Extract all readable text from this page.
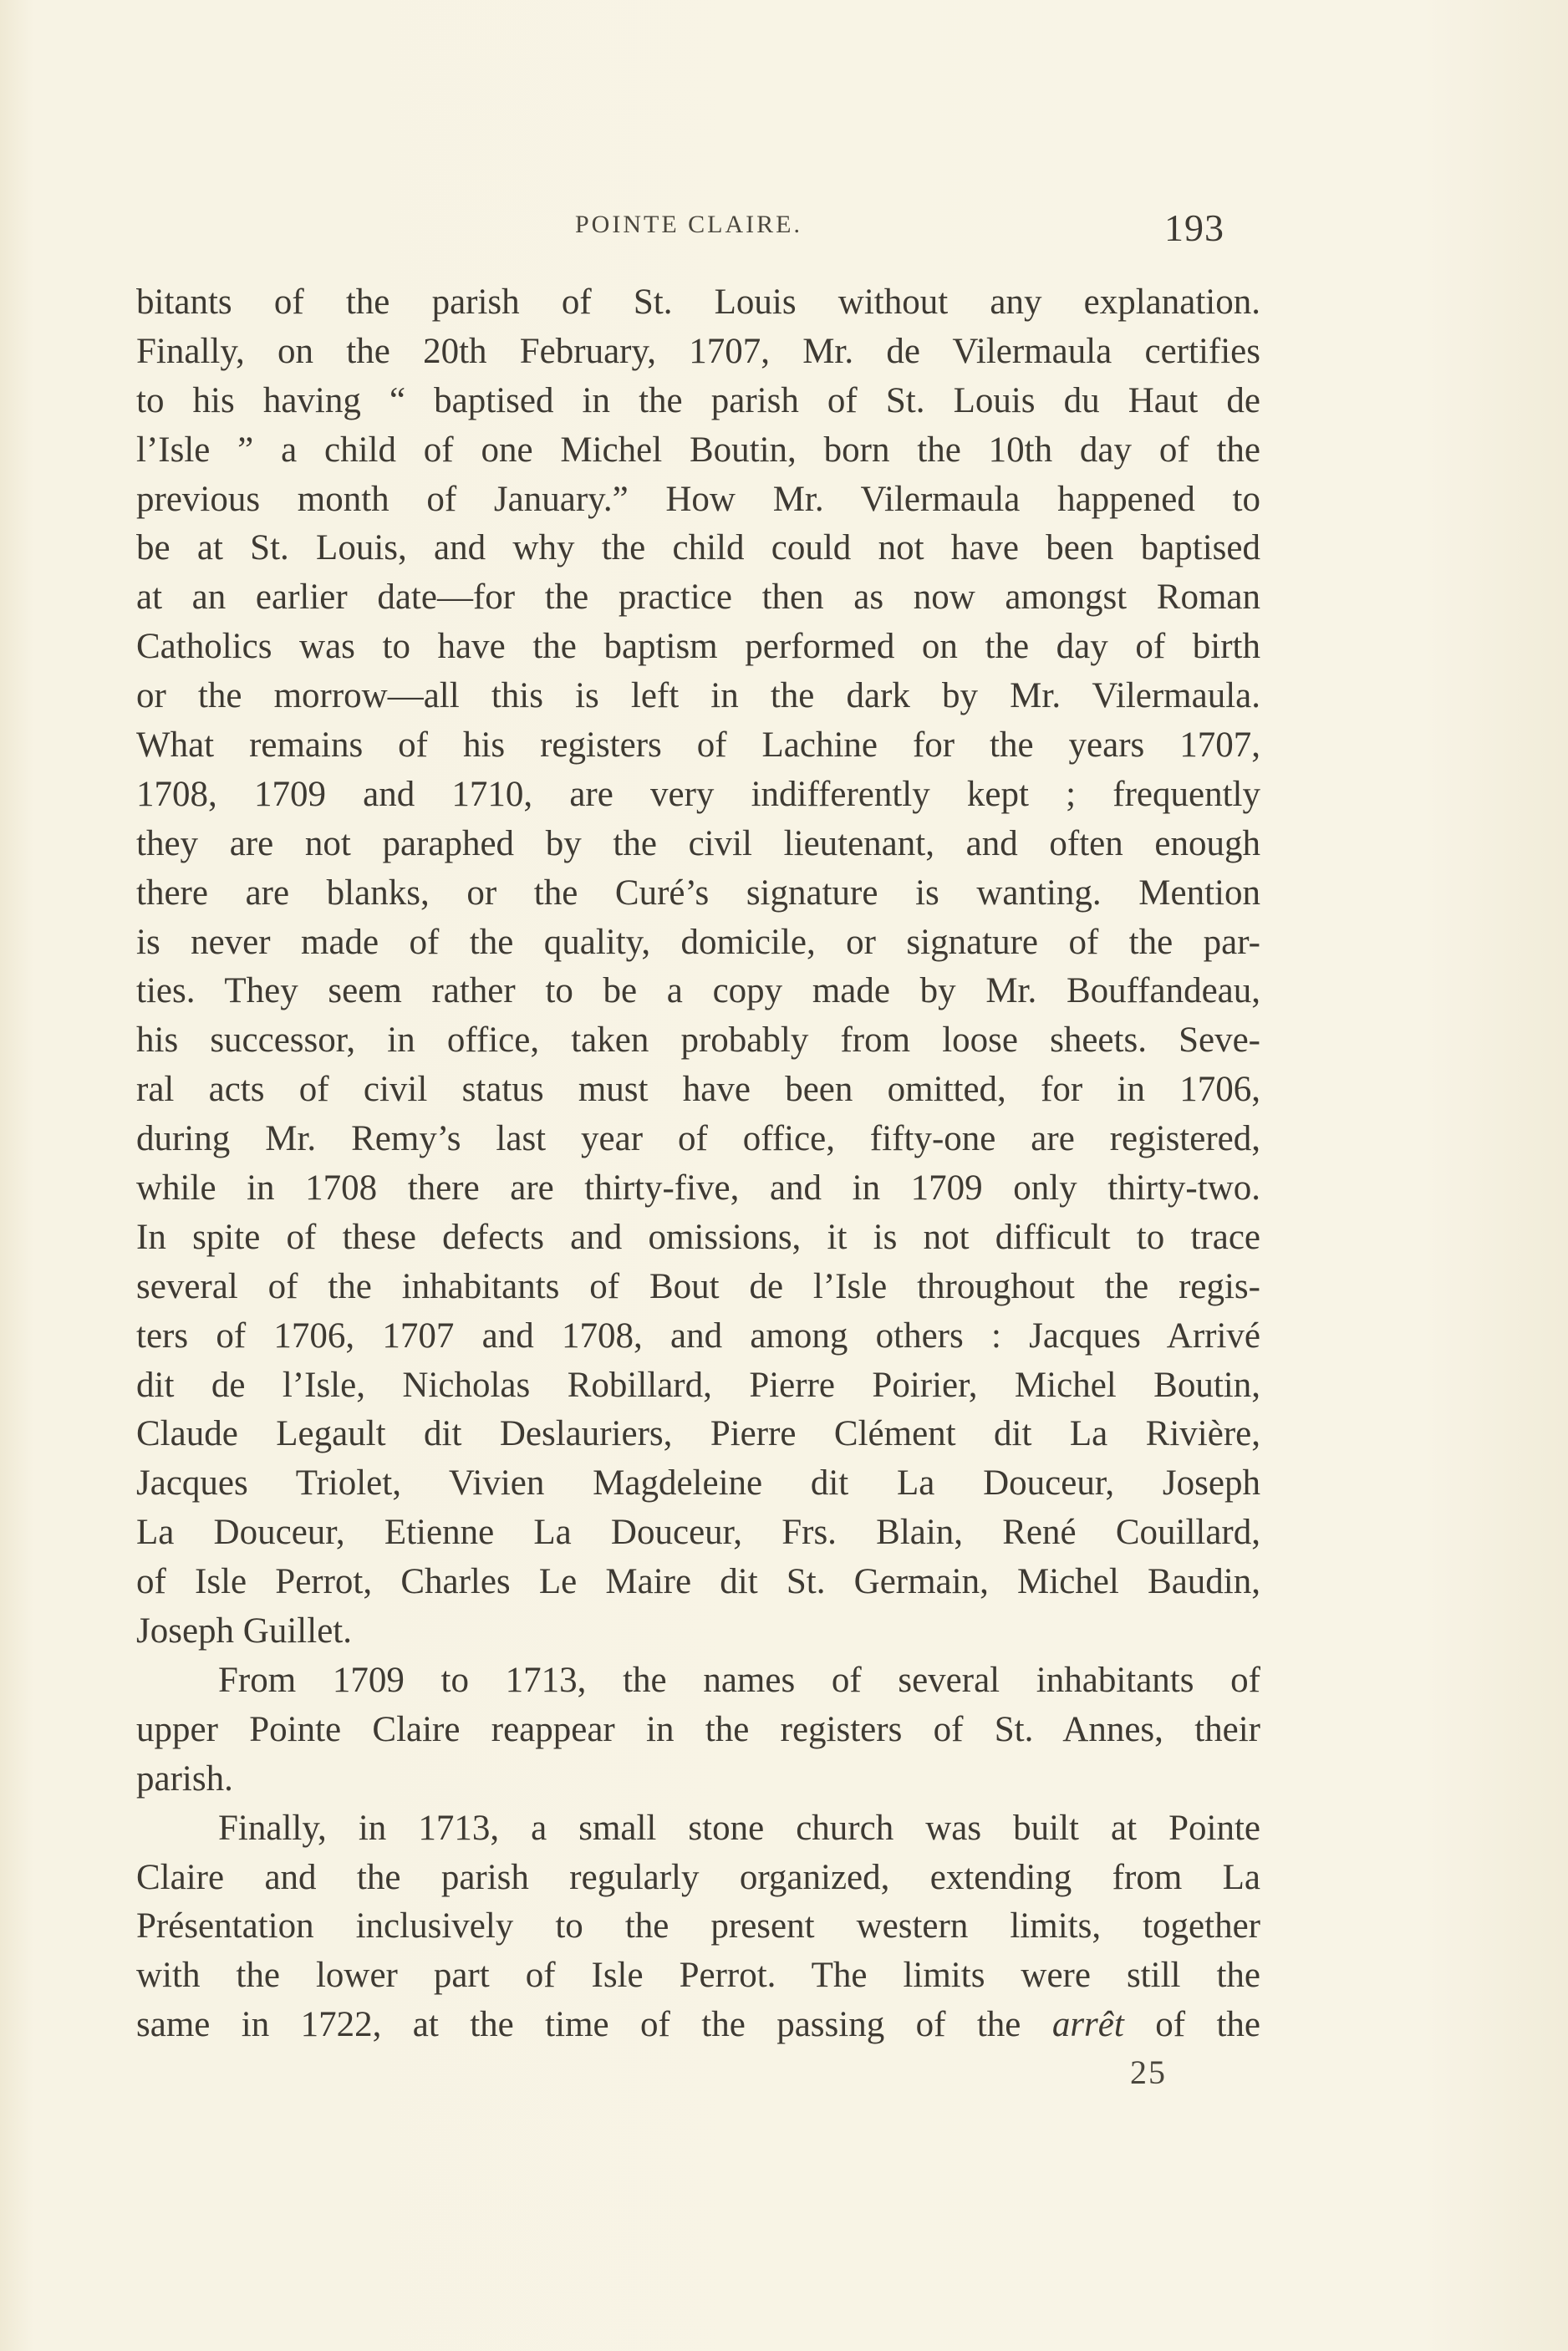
POINTE CLAIRE.	193
bitants of the parish of St. Louis without any explanation.
Finally, on the 20th February, 1707, Mr. de Vilermaula certifies
to his having “ baptised in the parish of St. Louis du Haut de
l’Isle ” a child of one Michel Boutin, born the 10th day of the
previous month of January.” How Mr. Vilermaula happened to
be at St. Louis, and why the child could not have been baptised
at an earlier date—for the practice then as now amongst Roman
Catholics was to have the baptism performed on the day of birth
or the morrow—all this is left in the dark by Mr. Vilermaula.
What remains of his registers of Lachine for the years 1707,
1708, 1709 and 1710, are very indifferently kept ; frequently
they are not paraphed by the civil lieutenant, and often enough
there are blanks, or the Curé’s signature is wanting. Mention
is never made of the quality, domicile, or signature of the par-
ties. They seem rather to be a copy made by Mr. Bouffandeau,
his successor, in office, taken probably from loose sheets. Seve-
ral acts of civil status must have been omitted, for in 1706,
during Mr. Remy’s last year of office, fifty-one are registered,
while in 1708 there are thirty-five, and in 1709 only thirty-two.
In spite of these defects and omissions, it is not difficult to trace
several of the inhabitants of Bout de l’Isle throughout the regis-
ters of 1706, 1707 and 1708, and among others : Jacques Arrivé
dit de l’Isle, Nicholas Robillard, Pierre Poirier, Michel Boutin,
Claude Legault dit Deslauriers, Pierre Clément dit La Rivière,
Jacques Triolet, Vivien Magdeleine dit La Douceur, Joseph
La Douceur, Etienne La Douceur, Frs. Blain, René Couillard,
of Isle Perrot, Charles Le Maire dit St. Germain, Michel Baudin,
Joseph Guillet.
From 1709 to 1713, the names of several inhabitants of
upper Pointe Claire reappear in the registers of St. Annes, their
parish.
Finally, in 1713, a small stone church was built at Pointe
Claire and the parish regularly organized, extending from La
Présentation inclusively to the present western limits, together
with the lower part of Isle Perrot. The limits were still the
same in 1722, at the time of the passing of the arrêt of the
25
